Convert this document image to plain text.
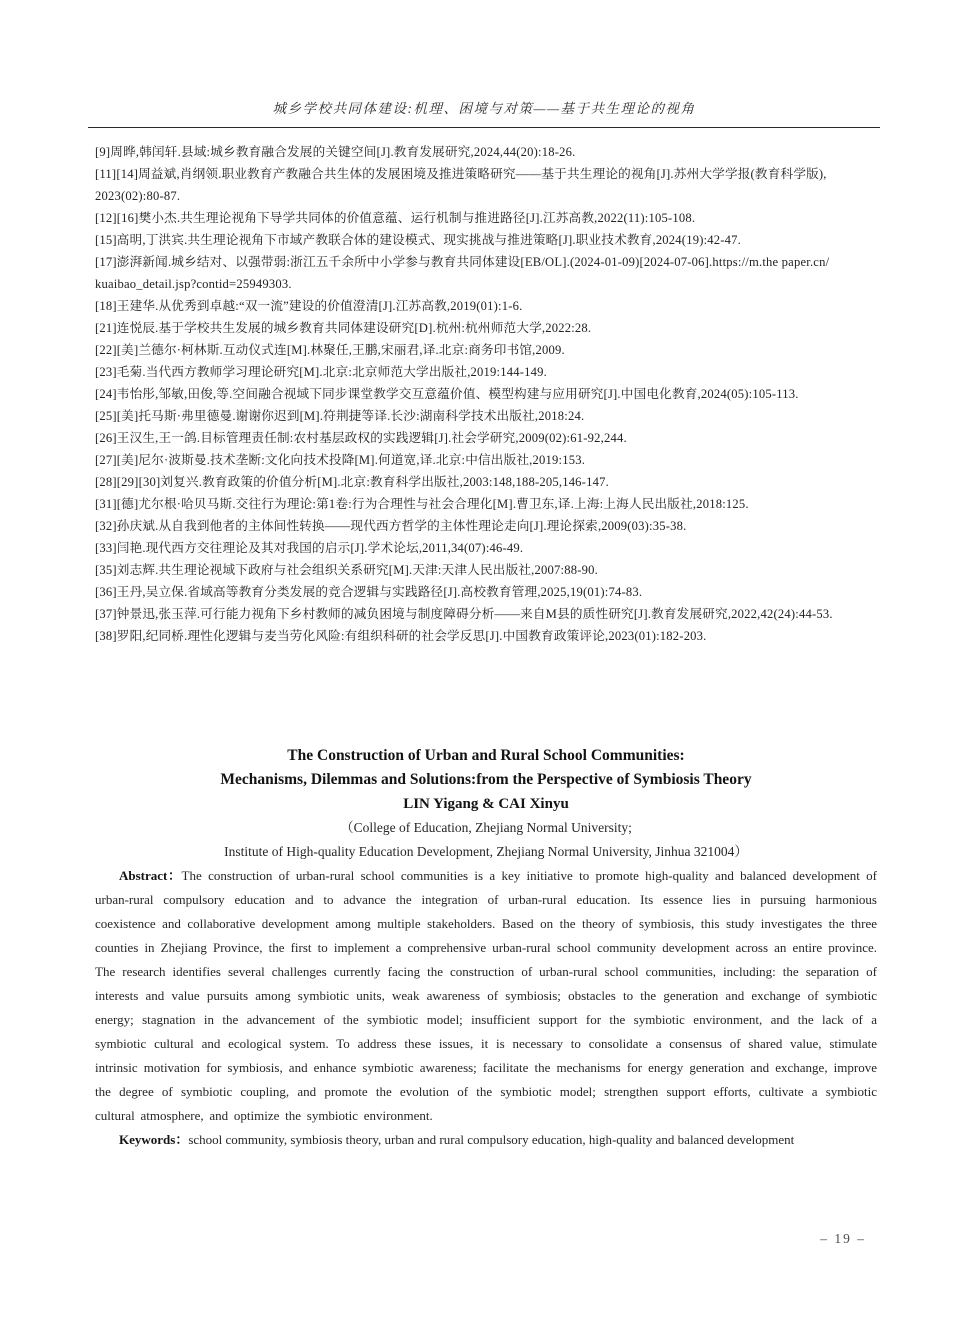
城乡学校共同体建设:机理、困境与对策——基于共生理论的视角
[9]周晔,韩闰轩.县域:城乡教育融合发展的关键空间[J].教育发展研究,2024,44(20):18-26.
[11][14]周益斌,肖纲领.职业教育产教融合共生体的发展困境及推进策略研究——基于共生理论的视角[J].苏州大学学报(教育科学版),
2023(02):80-87.
[12][16]樊小杰.共生理论视角下导学共同体的价值意蕴、运行机制与推进路径[J].江苏高教,2022(11):105-108.
[15]高明,丁洪宾.共生理论视角下市域产教联合体的建设模式、现实挑战与推进策略[J].职业技术教育,2024(19):42-47.
[17]澎湃新闻.城乡结对、以强带弱:浙江五千余所中小学参与教育共同体建设[EB/OL].(2024-01-09)[2024-07-06].https://m.the paper.cn/
kuaibao_detail.jsp?contid=25949303.
[18]王建华.从优秀到卓越:“双一流”建设的价值澄清[J].江苏高教,2019(01):1-6.
[21]连悦辰.基于学校共生发展的城乡教育共同体建设研究[D].杭州:杭州师范大学,2022:28.
[22][美]兰德尔·柯林斯.互动仪式连[M].林聚任,王鹏,宋丽君,译.北京:商务印书馆,2009.
[23]毛菊.当代西方教师学习理论研究[M].北京:北京师范大学出版社,2019:144-149.
[24]韦怡彤,邹敏,田俊,等.空间融合视域下同步课堂教学交互意蕴价值、模型构建与应用研究[J].中国电化教育,2024(05):105-113.
[25][美]托马斯·弗里德曼.谢谢你迟到[M].符荆捷等译.长沙:湖南科学技术出版社,2018:24.
[26]王汉生,王一鸽.目标管理责任制:农村基层政权的实践逻辑[J].社会学研究,2009(02):61-92,244.
[27][美]尼尔·波斯曼.技术垄断:文化向技术投降[M].何道宽,译.北京:中信出版社,2019:153.
[28][29][30]刘复兴.教育政策的价值分析[M].北京:教育科学出版社,2003:148,188-205,146-147.
[31][德]尤尔根·哈贝马斯.交往行为理论:第1卷:行为合理性与社会合理化[M].曹卫东,译.上海:上海人民出版社,2018:125.
[32]孙庆斌.从自我到他者的主体间性转换——现代西方哲学的主体性理论走向[J].理论探索,2009(03):35-38.
[33]闫艳.现代西方交往理论及其对我国的启示[J].学术论坛,2011,34(07):46-49.
[35]刘志辉.共生理论视域下政府与社会组织关系研究[M].天津:天津人民出版社,2007:88-90.
[36]王丹,吴立保.省域高等教育分类发展的竞合逻辑与实践路径[J].高校教育管理,2025,19(01):74-83.
[37]钟景迅,张玉萍.可行能力视角下乡村教师的减负困境与制度障碍分析——来自M县的质性研究[J].教育发展研究,2022,42(24):44-53.
[38]罗阳,纪同桥.理性化逻辑与麦当劳化风险:有组织科研的社会学反思[J].中国教育政策评论,2023(01):182-203.
The Construction of Urban and Rural School Communities:
Mechanisms, Dilemmas and Solutions:from the Perspective of Symbiosis Theory
LIN Yigang & CAI Xinyu
（College of Education, Zhejiang Normal University;
Institute of High-quality Education Development, Zhejiang Normal University, Jinhua 321004）

Abstract：The construction of urban-rural school communities is a key initiative to promote high-quality and balanced development of urban-rural compulsory education and to advance the integration of urban-rural education. Its essence lies in pursuing harmonious coexistence and collaborative development among multiple stakeholders. Based on the theory of symbiosis, this study investigates the three counties in Zhejiang Province, the first to implement a comprehensive urban-rural school community development across an entire province. The research identifies several challenges currently facing the construction of urban-rural school communities, including: the separation of interests and value pursuits among symbiotic units, weak awareness of symbiosis; obstacles to the generation and exchange of symbiotic energy; stagnation in the advancement of the symbiotic model; insufficient support for the symbiotic environment, and the lack of a symbiotic cultural and ecological system. To address these issues, it is necessary to consolidate a consensus of shared value, stimulate intrinsic motivation for symbiosis, and enhance symbiotic awareness; facilitate the mechanisms for energy generation and exchange, improve the degree of symbiotic coupling, and promote the evolution of the symbiotic model; strengthen support efforts, cultivate a symbiotic cultural atmosphere, and optimize the symbiotic environment.

Keywords：school community, symbiosis theory, urban and rural compulsory education, high-quality and balanced development

– 19 –
